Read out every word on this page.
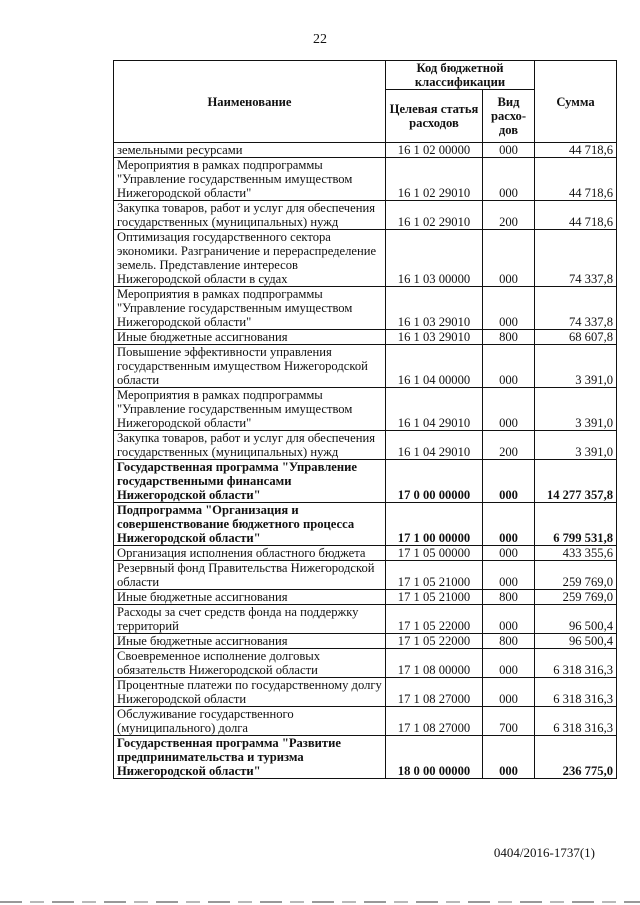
22
Наименование	Код бюджетной классификации		Сумма
	Целевая статья расходов	Вид расхо-дов	
земельными ресурсами	16 1 02 00000	000	44 718,6
Мероприятия в рамках подпрограммы "Управление государственным имуществом Нижегородской области"	16 1 02 29010	000	44 718,6
Закупка товаров, работ и услуг для обеспечения государственных (муниципальных) нужд	16 1 02 29010	200	44 718,6
Оптимизация государственного сектора экономики. Разграничение и перераспределение земель. Представление интересов Нижегородской области в судах	16 1 03 00000	000	74 337,8
Мероприятия в рамках подпрограммы "Управление государственным имуществом Нижегородской области"	16 1 03 29010	000	74 337,8
Иные бюджетные ассигнования	16 1 03 29010	800	68 607,8
Повышение эффективности управления государственным имуществом Нижегородской области	16 1 04 00000	000	3 391,0
Мероприятия в рамках подпрограммы "Управление государственным имуществом Нижегородской области"	16 1 04 29010	000	3 391,0
Закупка товаров, работ и услуг для обеспечения государственных (муниципальных) нужд	16 1 04 29010	200	3 391,0
Государственная программа "Управление государственными финансами Нижегородской области"	17 0 00 00000	000	14 277 357,8
Подпрограмма "Организация и совершенствование бюджетного процесса Нижегородской области"	17 1 00 00000	000	6 799 531,8
Организация исполнения областного бюджета	17 1 05 00000	000	433 355,6
Резервный фонд Правительства Нижегородской области	17 1 05 21000	000	259 769,0
Иные бюджетные ассигнования	17 1 05 21000	800	259 769,0
Расходы за счет средств фонда на поддержку территорий	17 1 05 22000	000	96 500,4
Иные бюджетные ассигнования	17 1 05 22000	800	96 500,4
Своевременное исполнение долговых обязательств Нижегородской области	17 1 08 00000	000	6 318 316,3
Процентные платежи по государственному долгу Нижегородской области	17 1 08 27000	000	6 318 316,3
Обслуживание государственного (муниципального) долга	17 1 08 27000	700	6 318 316,3
Государственная программа "Развитие предпринимательства и туризма Нижегородской области"	18 0 00 00000	000	236 775,0
0404/2016-1737(1)
